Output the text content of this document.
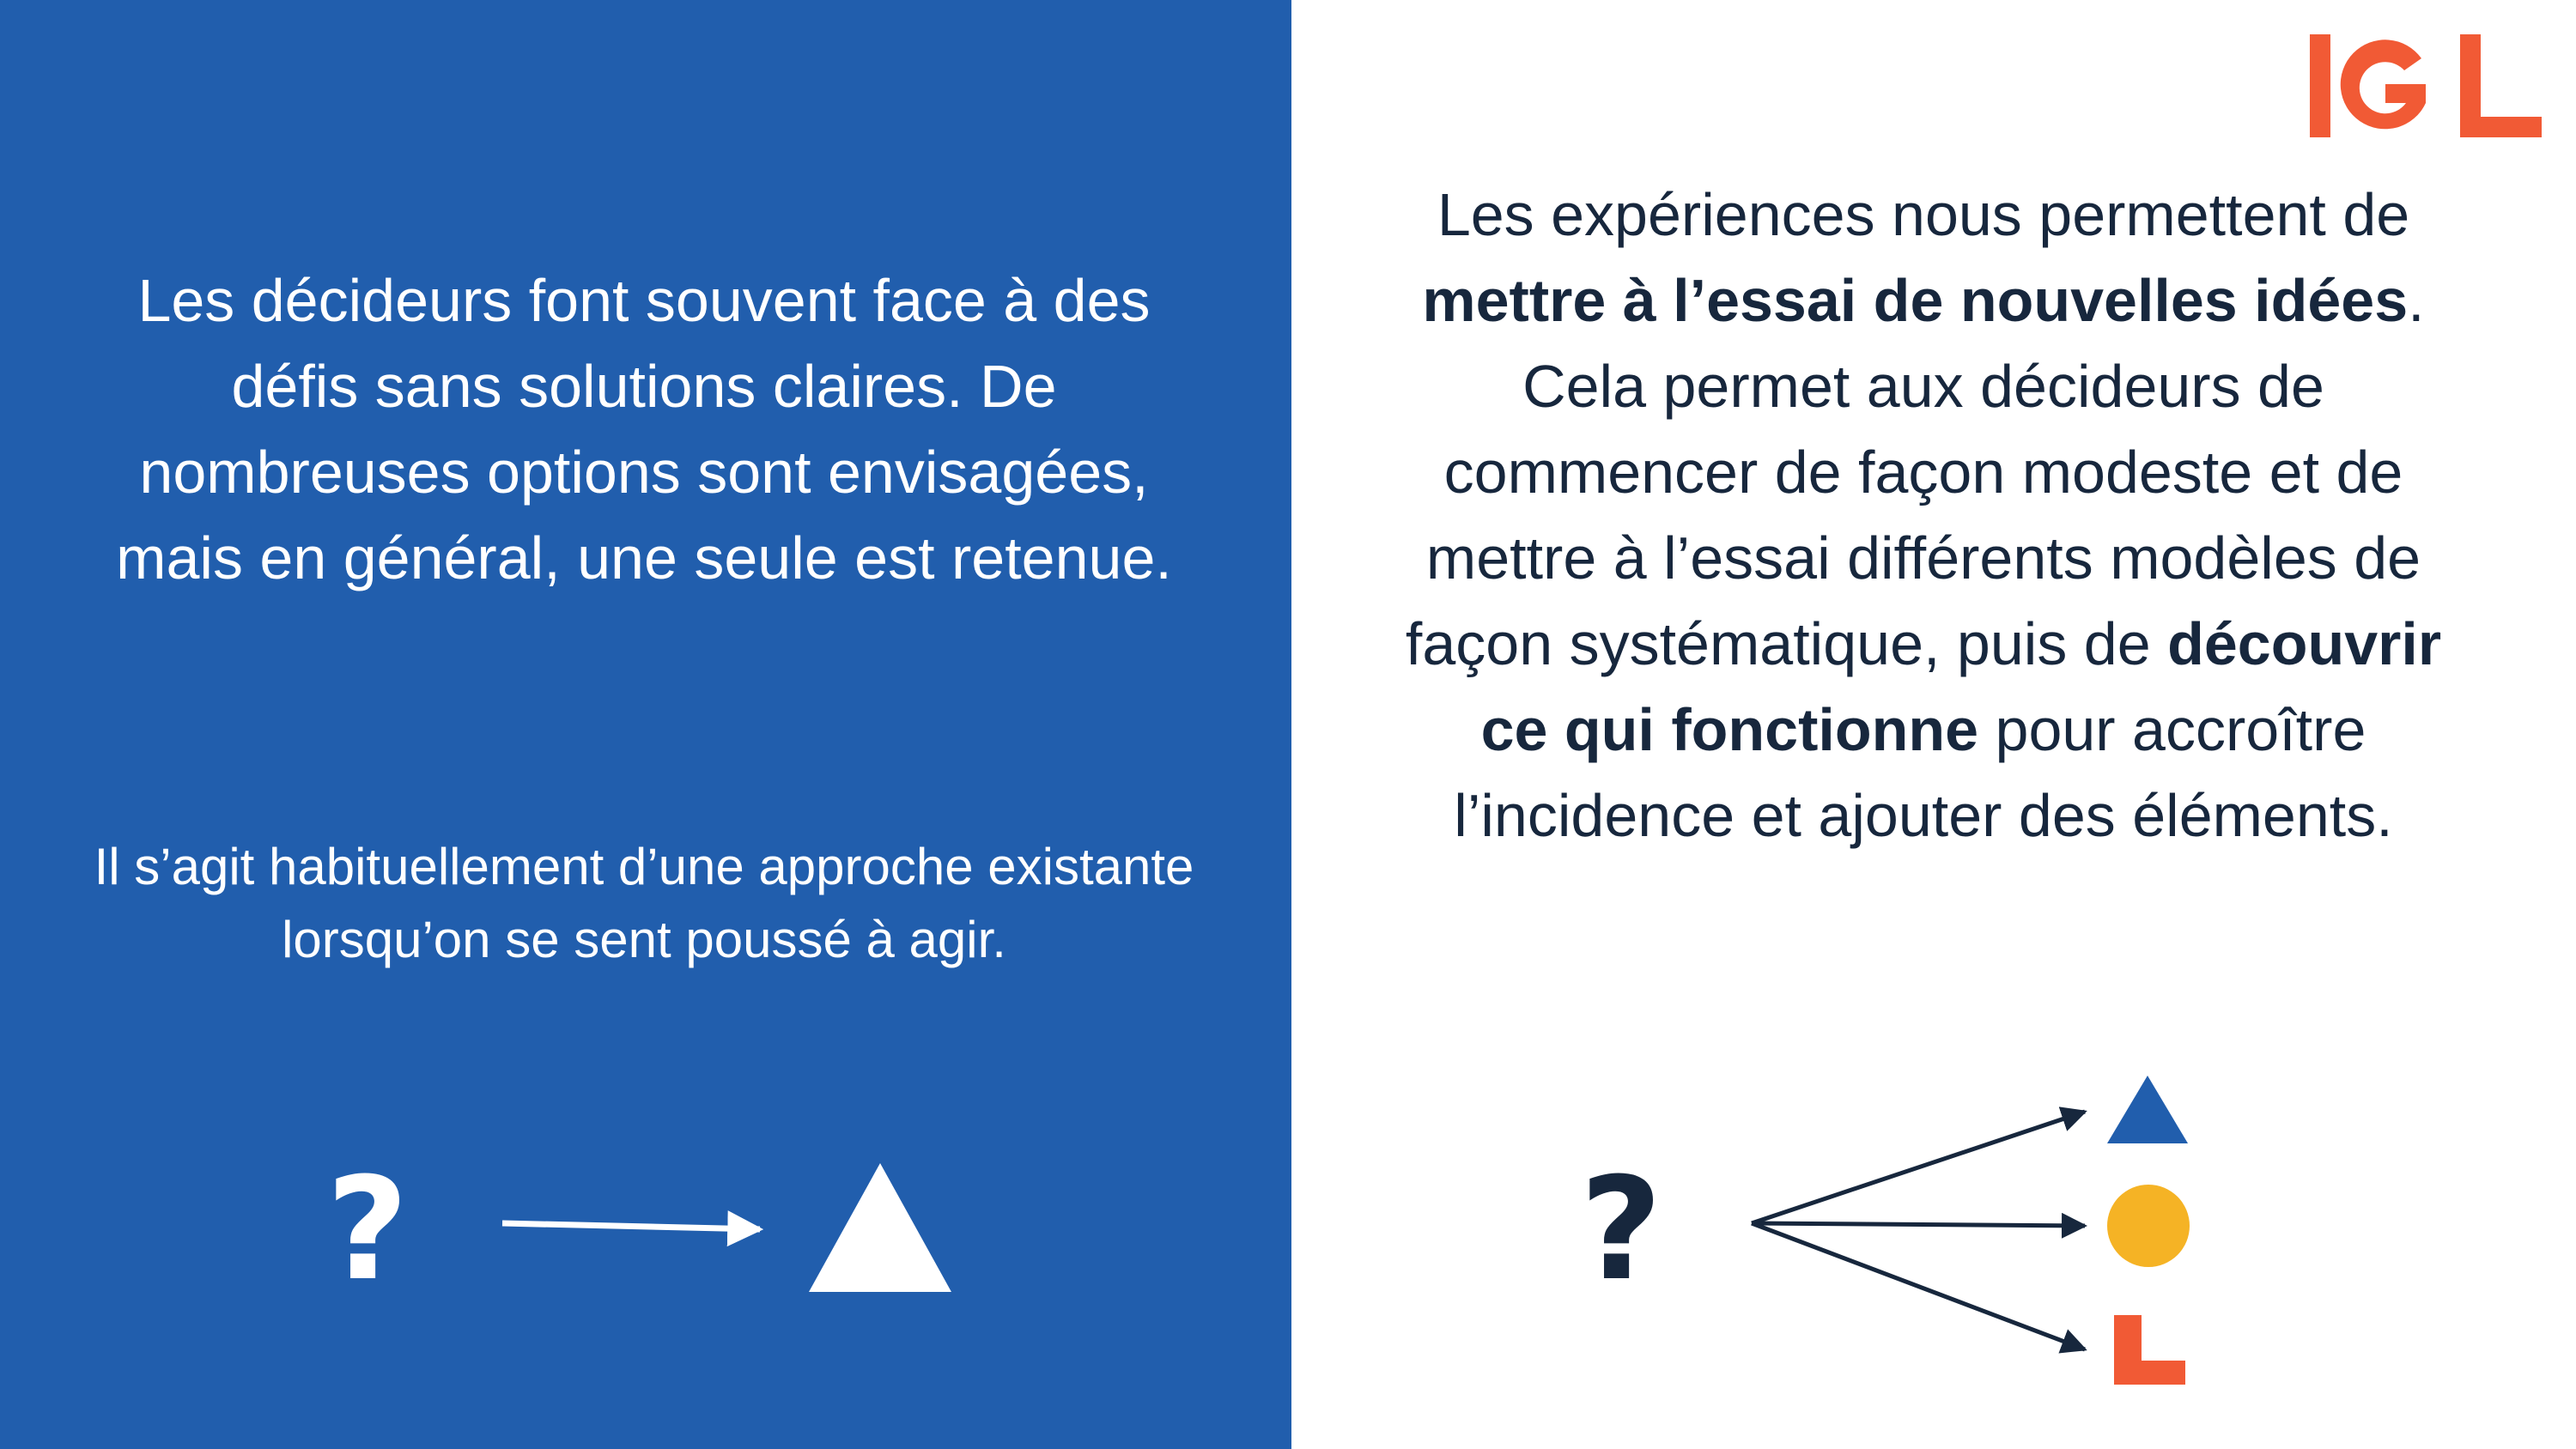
Les décideurs font souvent face à des défis sans solutions claires. De nombreuses options sont envisagées, mais en général, une seule est retenue.

Il s’agit habituellement d’une approche existante lorsqu’on se sent poussé à agir.

Les expériences nous permettent de mettre à l’essai de nouvelles idées. Cela permet aux décideurs de commencer de façon modeste et de mettre à l’essai différents modèles de façon systématique, puis de découvrir ce qui fonctionne pour accroître l’incidence et ajouter des éléments.

?	?
